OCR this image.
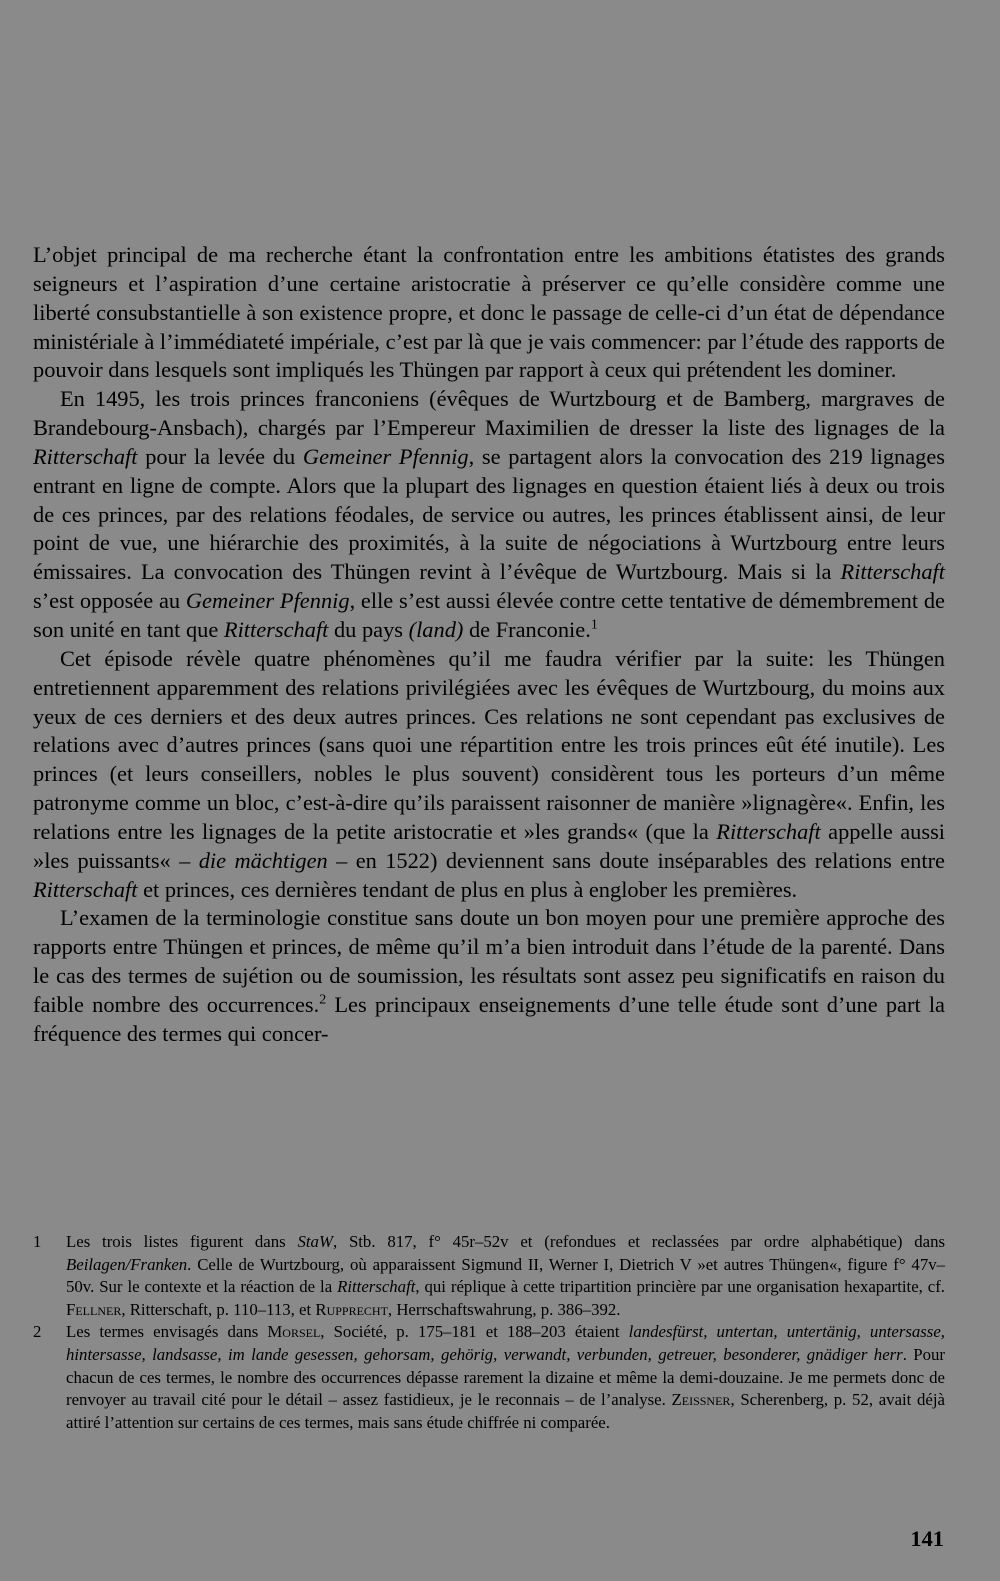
L’objet principal de ma recherche étant la confrontation entre les ambitions étatistes des grands seigneurs et l’aspiration d’une certaine aristocratie à préserver ce qu’elle considère comme une liberté consubstantielle à son existence propre, et donc le passage de celle-ci d’un état de dépendance ministériale à l’immédiateté impériale, c’est par là que je vais commencer: par l’étude des rapports de pouvoir dans lesquels sont impliqués les Thüngen par rapport à ceux qui prétendent les dominer.

En 1495, les trois princes franconiens (évêques de Wurtzbourg et de Bamberg, margraves de Brandebourg-Ansbach), chargés par l’Empereur Maximilien de dresser la liste des lignages de la Ritterschaft pour la levée du Gemeiner Pfennig, se partagent alors la convocation des 219 lignages entrant en ligne de compte. Alors que la plupart des lignages en question étaient liés à deux ou trois de ces princes, par des relations féodales, de service ou autres, les princes établissent ainsi, de leur point de vue, une hiérarchie des proximités, à la suite de négociations à Wurtzbourg entre leurs émissaires. La convocation des Thüngen revint à l’évêque de Wurtzbourg. Mais si la Ritterschaft s’est opposée au Gemeiner Pfennig, elle s’est aussi élevée contre cette tentative de démembrement de son unité en tant que Ritterschaft du pays (land) de Franconie.$^1$

Cet épisode révèle quatre phénomènes qu’il me faudra vérifier par la suite: les Thüngen entretiennent apparemment des relations privilégiées avec les évêques de Wurtzbourg, du moins aux yeux de ces derniers et des deux autres princes. Ces relations ne sont cependant pas exclusives de relations avec d’autres princes (sans quoi une répartition entre les trois princes eût été inutile). Les princes (et leurs conseillers, nobles le plus souvent) considèrent tous les porteurs d’un même patronyme comme un bloc, c’est-à-dire qu’ils paraissent raisonner de manière »lignagère«. Enfin, les relations entre les lignages de la petite aristocratie et »les grands« (que la Ritterschaft appelle aussi »les puissants« – die mächtigen – en 1522) deviennent sans doute inséparables des relations entre Ritterschaft et princes, ces dernières tendant de plus en plus à englober les premières.

L’examen de la terminologie constitue sans doute un bon moyen pour une première approche des rapports entre Thüngen et princes, de même qu’il m’a bien introduit dans l’étude de la parenté. Dans le cas des termes de sujétion ou de soumission, les résultats sont assez peu significatifs en raison du faible nombre des occurrences.$^2$ Les principaux enseignements d’une telle étude sont d’une part la fréquence des termes qui concer-

1	Les trois listes figurent dans StaW, Stb. 817, f° 45r–52v et (refondues et reclassées par ordre alphabétique) dans Beilagen/Franken. Celle de Wurtzbourg, où apparaissent Sigmund II, Werner I, Dietrich V »et autres Thüngen«, figure f° 47v–50v. Sur le contexte et la réaction de la Ritterschaft, qui réplique à cette tripartition princière par une organisation hexapartite, cf. Fellner, Ritterschaft, p. 110–113, et Rupprecht, Herrschaftswahrung, p. 386–392.
2	Les termes envisagés dans Morsel, Société, p. 175–181 et 188–203 étaient landesfürst, untertan, untertänig, untersasse, hintersasse, landsasse, im lande gesessen, gehorsam, gehörig, verwandt, verbunden, getreuer, besonderer, gnädiger herr. Pour chacun de ces termes, le nombre des occurrences dépasse rarement la dizaine et même la demi-douzaine. Je me permets donc de renvoyer au travail cité pour le détail – assez fastidieux, je le reconnais – de l’analyse. Zeissner, Scherenberg, p. 52, avait déjà attiré l’attention sur certains de ces termes, mais sans étude chiffrée ni comparée.
141
